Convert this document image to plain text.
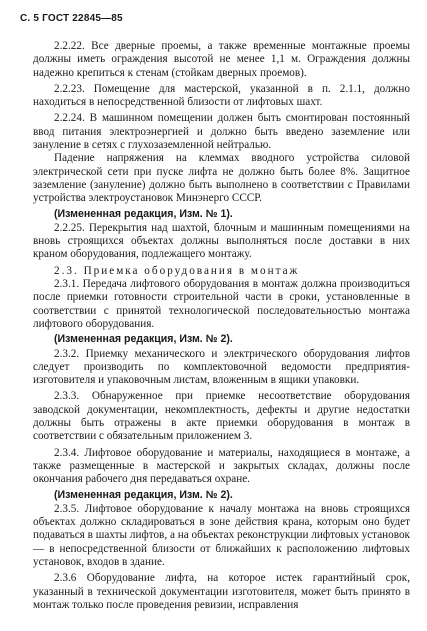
С. 5 ГОСТ 22845—85

2.2.22. Все дверные проемы, а также временные монтажные проемы должны иметь ограждения высотой не менее 1,1 м. Ограждения должны надежно крепиться к стенам (стойкам дверных проемов).

2.2.23. Помещение для мастерской, указанной в п. 2.1.1, должно находиться в непосредственной близости от лифтовых шахт.

2.2.24. В машинном помещении должен быть смонтирован постоянный ввод питания электроэнергией и должно быть введено заземление или зануление в сетях с глухозаземленной нейтралью.

Падение напряжения на клеммах вводного устройства силовой электрической сети при пуске лифта не должно быть более 8%. Защитное заземление (зануление) должно быть выполнено в соответствии с Правилами устройства электроустановок Минэнерго СССР.

(Измененная редакция, Изм. № 1).

2.2.25. Перекрытия над шахтой, блочным и машинным помещениями на вновь строящихся объектах должны выполняться после доставки в них краном оборудования, подлежащего монтажу.

2.3. Приемка оборудования в монтаж

2.3.1. Передача лифтового оборудования в монтаж должна производиться после приемки готовности строительной части в сроки, установленные в соответствии с принятой технологической последовательностью монтажа лифтового оборудования.

(Измененная редакция, Изм. № 2).

2.3.2. Приемку механического и электрического оборудования лифтов следует производить по комплектовочной ведомости предприятия-изготовителя и упаковочным листам, вложенным в ящики упаковки.

2.3.3. Обнаруженное при приемке несоответствие оборудования заводской документации, некомплектность, дефекты и другие недостатки должны быть отражены в акте приемки оборудования в монтаж в соответствии с обязательным приложением 3.

2.3.4. Лифтовое оборудование и материалы, находящиеся в монтаже, а также размещенные в мастерской и закрытых складах, должны после окончания рабочего дня передаваться охране.

(Измененная редакция, Изм. № 2).

2.3.5. Лифтовое оборудование к началу монтажа на вновь строящихся объектах должно складироваться в зоне действия крана, которым оно будет подаваться в шахты лифтов, а на объектах реконструкции лифтовых установок — в непосредственной близости от ближайших к расположению лифтовых установок, входов в здание.

2.3.6 Оборудование лифта, на которое истек гарантийный срок, указанный в технической документации изготовителя, может быть принято в монтаж только после проведения ревизии, исправления
